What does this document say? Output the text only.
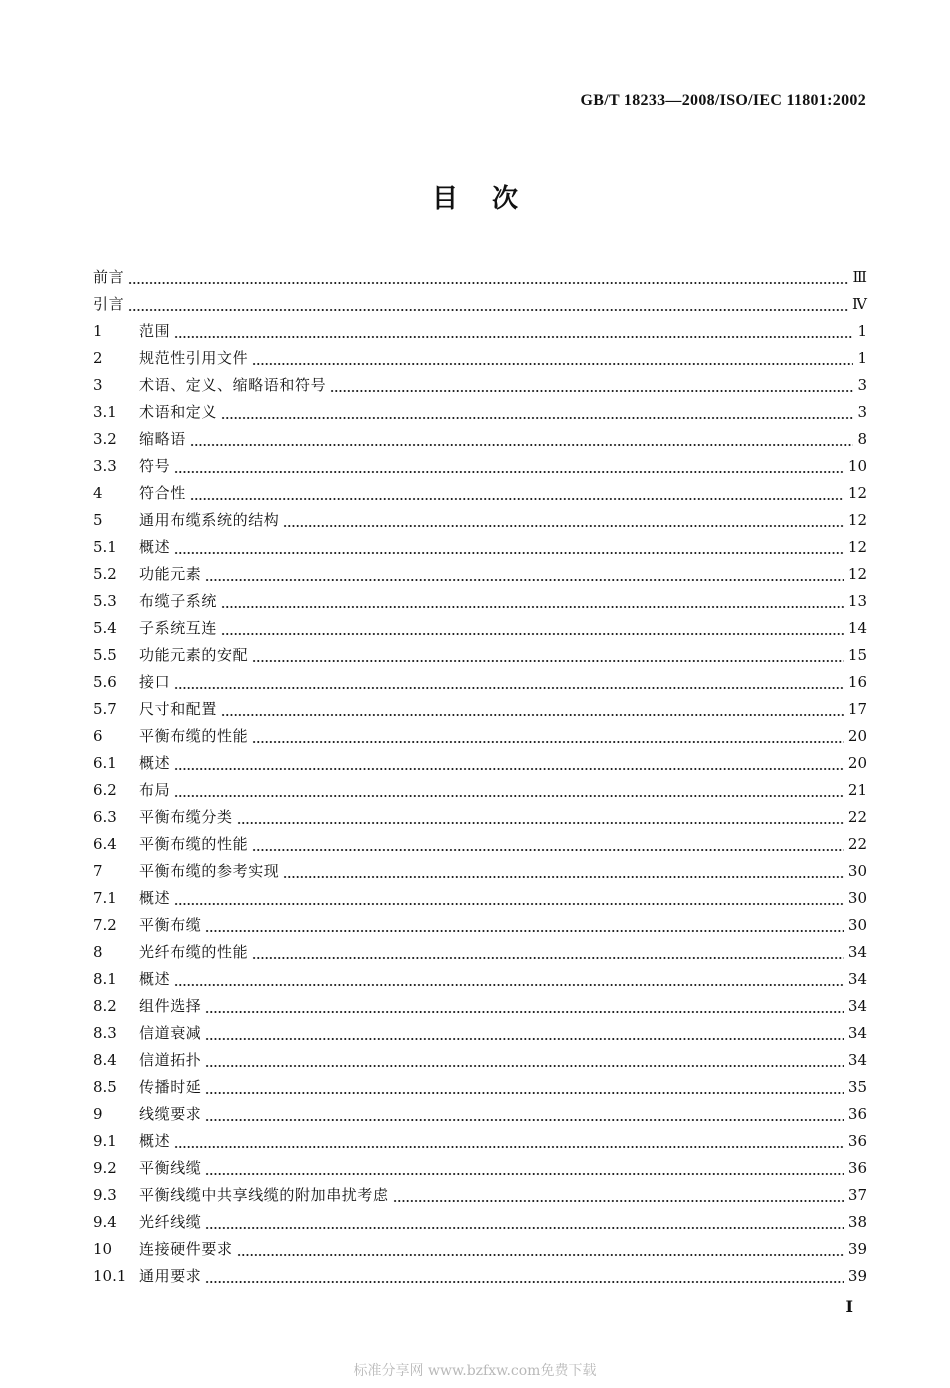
GB/T 18233—2008/ISO/IEC 11801:2002
目次
前言	Ⅲ
引言	Ⅳ
1	范围	1
2	规范性引用文件	1
3	术语、定义、缩略语和符号	3
3.1	术语和定义	3
3.2	缩略语	8
3.3	符号	10
4	符合性	12
5	通用布缆系统的结构	12
5.1	概述	12
5.2	功能元素	12
5.3	布缆子系统	13
5.4	子系统互连	14
5.5	功能元素的安配	15
5.6	接口	16
5.7	尺寸和配置	17
6	平衡布缆的性能	20
6.1	概述	20
6.2	布局	21
6.3	平衡布缆分类	22
6.4	平衡布缆的性能	22
7	平衡布缆的参考实现	30
7.1	概述	30
7.2	平衡布缆	30
8	光纤布缆的性能	34
8.1	概述	34
8.2	组件选择	34
8.3	信道衰减	34
8.4	信道拓扑	34
8.5	传播时延	35
9	线缆要求	36
9.1	概述	36
9.2	平衡线缆	36
9.3	平衡线缆中共享线缆的附加串扰考虑	37
9.4	光纤线缆	38
10	连接硬件要求	39
10.1 通用要求	39
Ⅰ
标准分享网 www.bzfxw.com免费下载
